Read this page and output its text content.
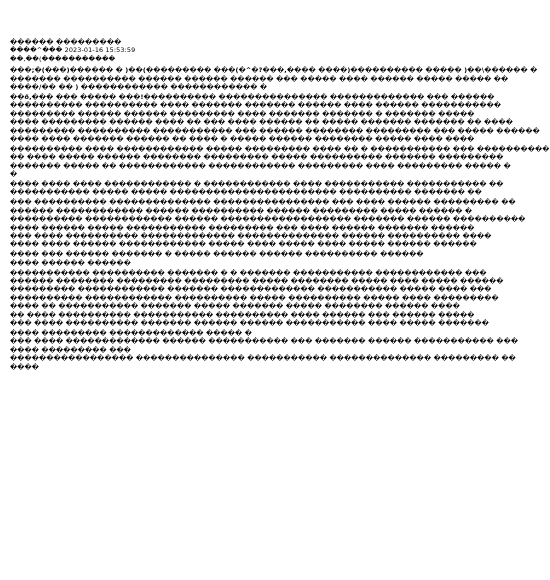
������ ���������
����^��� 2023-01-16 15:53:59
��,��(�����������
���;�(���)������ � )��(��������� ���(�^�?���,���� ����)���������� ����� )��\������ �
������� ���������� ������ ������ ������ ��� ����� ���� ������ ����� ����� ��
����/�� �� ) ������������ ������������ �
��ð,��� ��� ����� ���!���������� ��������������� ������������� ��� ������
���������� ���������� ���� ������� ������� ������ ���� ������ �����������
��������� ������ ������ ��������� ���� ������� ������� � ������� �����
���� ��������� ������ ���� �� ��� ���� ������ �� ����� ������� ������� �� ����
��������� ���������� ����������� ��� ������ �������� ��������� ��� ����� ������
���� ���� ������� ������ �� ���� � ����� ������ �������� ����� ���� ����
���������� ���� ������������ ����� ��������� ���� �� � ����������� ��� ����������
�� ���� ����� ������ �������� ��������� ����� ���������� ������� ���������
������� ����� �� ������������ ������������ ��������� ���� ��������� ����� �
�
���� ���� ���� ������������ � ������������ ���� ����������� ����������� ��
����������� ����� ����� ����������������������� ���������� ������� ��
��� ���������� �������������� ���������������� ��� ���� ������ ��������� ��
������ ������������ ������ ���������� ������ ��������� ����� ������ �
���������� ������������ ������ ������������������ ������� ������ ����������
���� ������ ����� ����������� ��������� ��� ���� ������ ������� ������
��� ���� ���������� ������������� �������������� ������ ���������� ����
���� ���� ������ ������������ ����� ���� ����� ���� ����� ������ ������
���� ��� ������ ������� � ����� ������ ������ ���������� ������
���� ������ ������
����������� ���������� ������� � � ������� ����������� ������������ ���
������ �������� ��������� ��������� ����� �������� ����� ���� ����� ������
��������� ������������ ������� ������������� ����������� ����� ���� ���
���������� ������������ ���������� ����� ���������� ����� ���� ���������
���� �� ����������� ������� ����� ������� ����� �������� ������ ����
�� ���� ���������� ����������� ���������� ���� ������ ��� ������ �����
��� ���� ���������� ������� ������ ������ ����������� ���� ����� �������
���� ��������� ������������� ����� �
��� ���� ������������� ������ ����������� ��� ������� ������ ����������� ���
���� ��������� ���
����������������� ��������������� ����������� �������������� ��������� ��
����
